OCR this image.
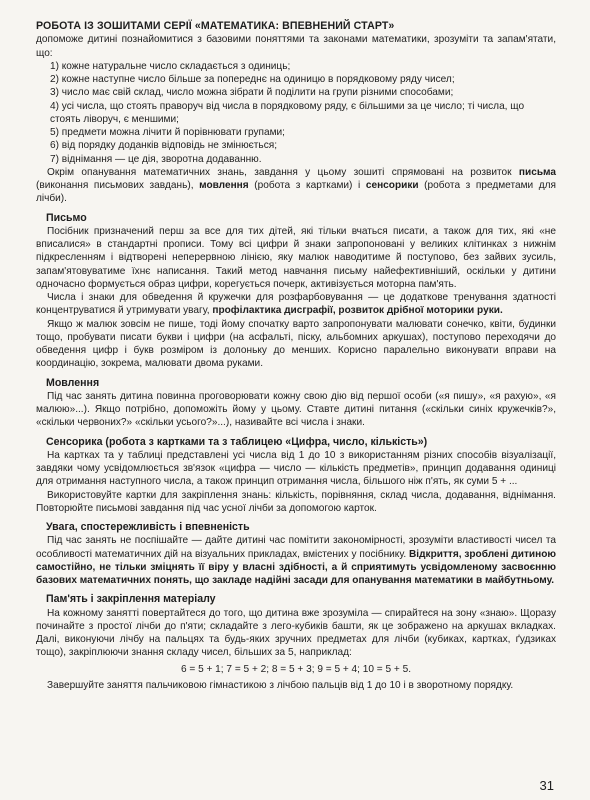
РОБОТА ІЗ ЗОШИТАМИ СЕРІЇ «МАТЕМАТИКА: ВПЕВНЕНИЙ СТАРТ»

допоможе дитині познайомитися з базовими поняттями та законами математики, зрозуміти та запам'ятати, що:

1) кожне натуральне число складається з одиниць;
2) кожне наступне число більше за попереднє на одиницю в порядковому ряду чисел;
3) число має свій склад, число можна зібрати й поділити на групи різними способами;
4) усі числа, що стоять праворуч від числа в порядковому ряду, є більшими за це число; ті числа, що стоять ліворуч, є меншими;
5) предмети можна лічити й порівнювати групами;
6) від порядку доданків відповідь не змінюється;
7) віднімання — це дія, зворотна додаванню.

Окрім опанування математичних знань, завдання у цьому зошиті спрямовані на розвиток письма (виконання письмових завдань), мовлення (робота з картками) і сенсорики (робота з предметами для лічби).

Письмо

Посібник призначений перш за все для тих дітей, які тільки вчаться писати, а також для тих, які «не вписалися» в стандартні прописи. Тому всі цифри й знаки запропоновані у великих клітинках з нижнім підкресленням і відтворені неперервною лінією, яку малюк наводитиме й поступово, без зайвих зусиль, запам'ятовуватиме їхнє написання. Такий метод навчання письму найефективніший, оскільки у дитини одночасно формується образ цифри, корегується почерк, активізується моторна пам'ять.

Числа і знаки для обведення й кружечки для розфарбовування — це додаткове тренування здатності концентруватися й утримувати увагу, профілактика дисграфії, розвиток дрібної моторики руки.

Якщо ж малюк зовсім не пише, тоді йому спочатку варто запропонувати малювати сонечко, квіти, будинки тощо, пробувати писати букви і цифри (на асфальті, піску, альбомних аркушах), поступово переходячи до обведення цифр і букв розміром із долоньку до менших. Корисно паралельно виконувати вправи на координацію, зокрема, малювати двома руками.

Мовлення

Під час занять дитина повинна проговорювати кожну свою дію від першої особи («я пишу», «я рахую», «я малюю»...). Якщо потрібно, допоможіть йому у цьому. Ставте дитині питання («скільки синіх кружечків?», «скільки червоних?» «скільки усього?»...), називайте всі числа і знаки.

Сенсорика (робота з картками та з таблицею «Цифра, число, кількість»)

На картках та у таблиці представлені усі числа від 1 до 10 з використанням різних способів візуалізації, завдяки чому усвідомлюється зв'язок «цифра — число — кількість предметів», принцип додавання одиниці для отримання наступного числа, а також принцип отримання числа, більшого ніж п'ять, як суми 5 + ...

Використовуйте картки для закріплення знань: кількість, порівняння, склад числа, додавання, віднімання. Повторюйте письмові завдання під час усної лічби за допомогою карток.

Увага, спостережливість і впевненість

Під час занять не поспішайте — дайте дитині час помітити закономірності, зрозуміти властивості чисел та особливості математичних дій на візуальних прикладах, вмістених у посібнику. Відкриття, зроблені дитиною самостійно, не тільки зміцнять її віру у власні здібності, а й сприятимуть усвідомленому засвоєнню базових математичних понять, що закладе надійні засади для опанування математики в майбутньому.

Пам'ять і закріплення матеріалу

На кожному занятті повертайтеся до того, що дитина вже зрозуміла — спирайтеся на зону «знаю». Щоразу починайте з простої лічби до п'яти; складайте з лего-кубиків башти, як це зображено на аркушах вкладках. Далі, виконуючи лічбу на пальцях та будь-яких зручних предметах для лічби (кубиках, картках, ґудзиках тощо), закріплюючи знання складу чисел, більших за 5, наприклад:

6 = 5 + 1; 7 = 5 + 2; 8 = 5 + 3; 9 = 5 + 4; 10 = 5 + 5.

Завершуйте заняття пальчиковою гімнастикою з лічбою пальців від 1 до 10 і в зворотному порядку.

31
